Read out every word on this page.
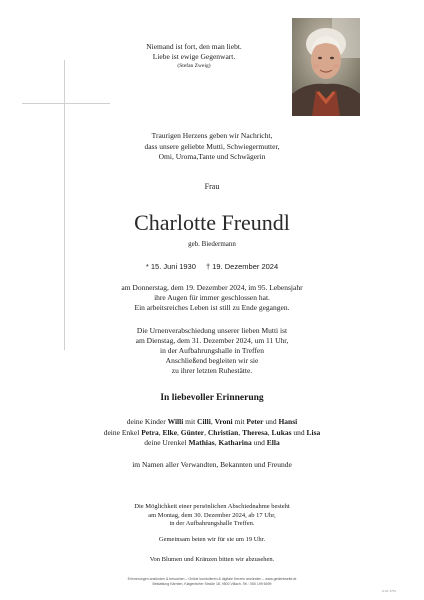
Niemand ist fort, den man liebt.
Liebe ist ewige Gegenwart.
(Stefan Zweig)
Traurigen Herzens geben wir Nachricht,
dass unsere geliebte Mutti, Schwiegermutter,
Omi, Uroma,Tante und Schwägerin
Frau
Charlotte Freundl
geb. Biedermann
* 15. Juni 1930 † 19. Dezember 2024
am Donnerstag, dem 19. Dezember 2024, im 95. Lebensjahr
ihre Augen für immer geschlossen hat.
Ein arbeitsreiches Leben ist still zu Ende gegangen.
Die Urnenverabschiedung unserer lieben Mutti ist
am Dienstag, dem 31. Dezember 2024, um 11 Uhr,
in der Aufbahrungshalle in Treffen
Anschließend begleiten wir sie
zu ihrer letzten Ruhestätte.
In liebevoller Erinnerung
deine Kinder Willi mit Cilli, Vroni mit Peter und Hansi
deine Enkel Petra, Elke, Günter, Christian, Theresa, Lukas und Lisa
deine Urenkel Mathias, Katharina und Ella
im Namen aller Verwandten, Bekannten und Freunde
Die Möglichkeit einer persönlichen Abschiednahme besteht
am Montag, dem 30. Dezember 2024, ab 17 Uhr,
in der Aufbahrungshalle Treffen.
Gemeinsam beten wir für sie um 19 Uhr.
Von Blumen und Kränzen bitten wir abzusehen.
Erinnerungen anzünden & besuchen – Online kondolieren & digitale Kerzen anzünden – www.gedenkseite.at
Bestattung Kärnten, Klagenfurter Straße 18, 9500 Villach, Tel.: 050 199 6699
id 81 4750
